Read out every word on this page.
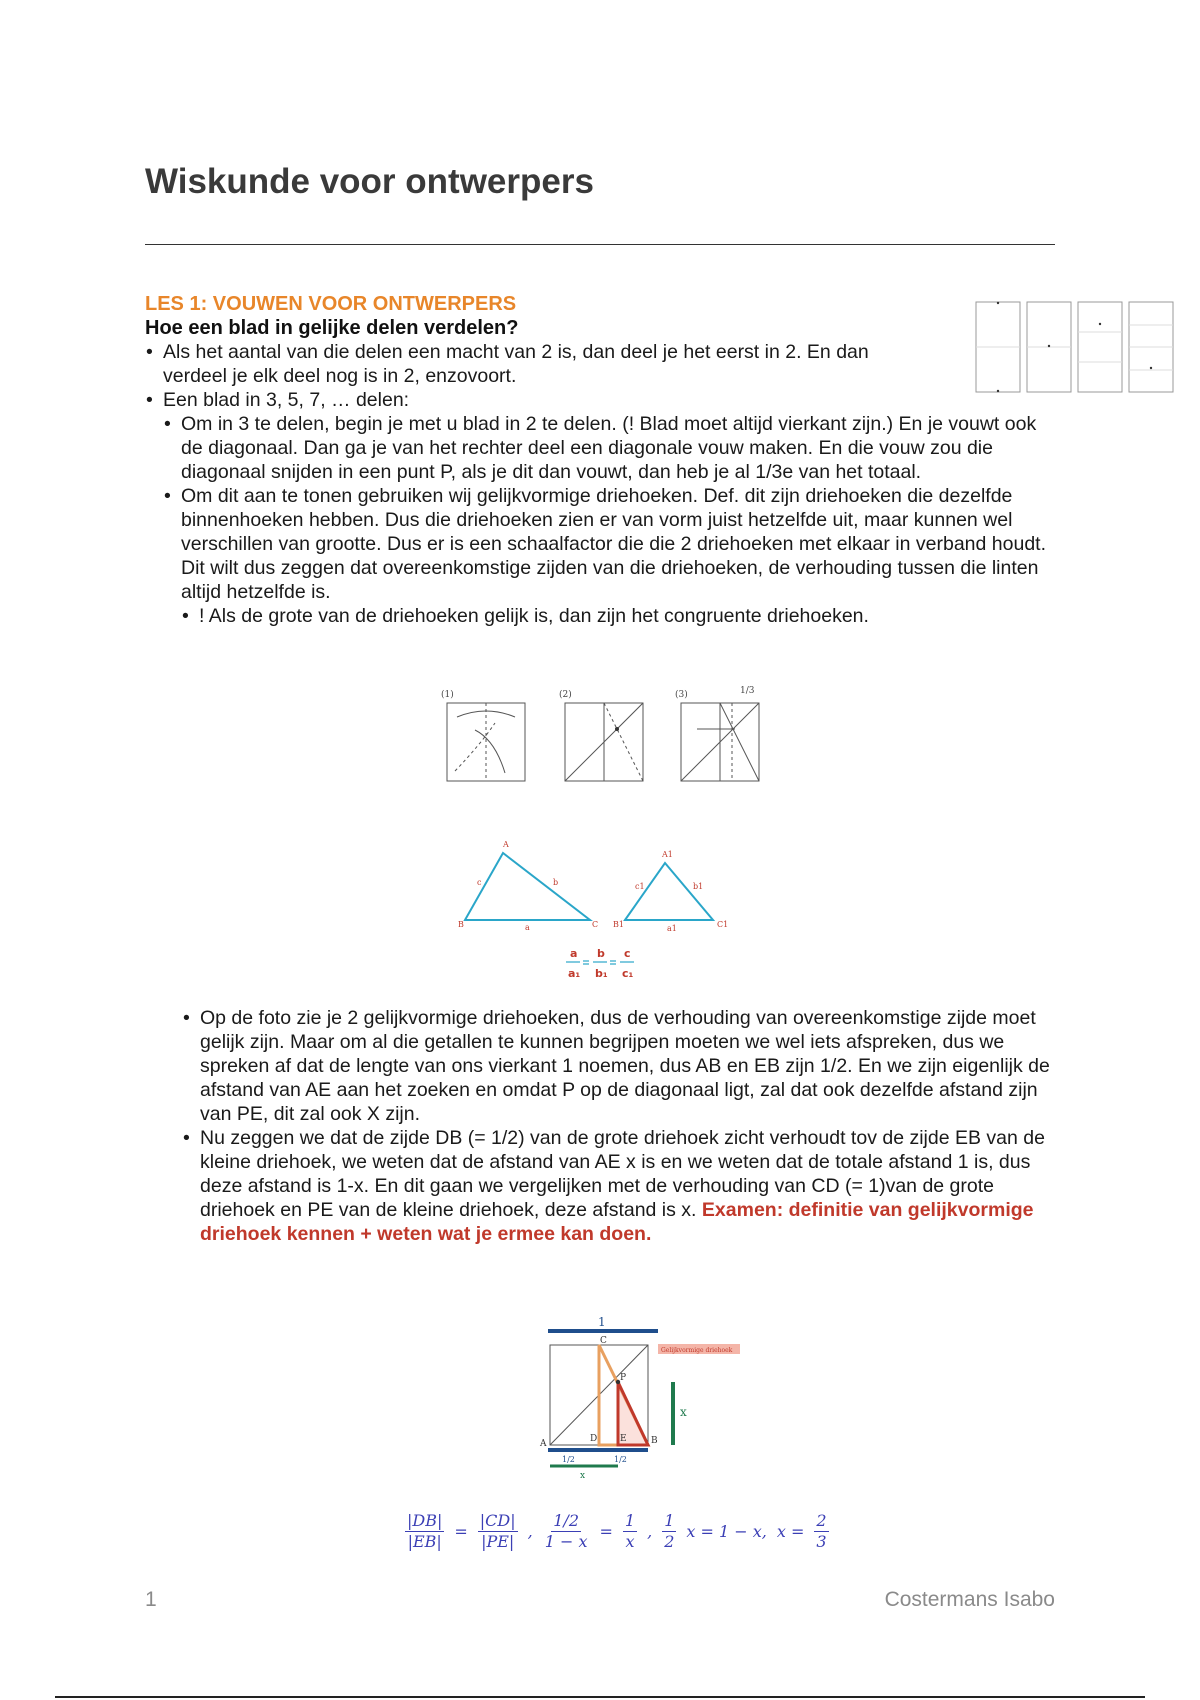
Wiskunde voor ontwerpers
LES 1: VOUWEN VOOR ONTWERPERS
Hoe een blad in gelijke delen verdelen?
• Als het aantal van die delen een macht van 2 is, dan deel je het eerst in 2. En dan verdeel je elk deel nog is in 2, enzovoort.
• Een blad in 3, 5, 7, … delen:
• Om in 3 te delen, begin je met u blad in 2 te delen. (! Blad moet altijd vierkant zijn.) En je vouwt ook de diagonaal. Dan ga je van het rechter deel een diagonale vouw maken. En die vouw zou die diagonaal snijden in een punt P, als je dit dan vouwt, dan heb je al 1/3e van het totaal.
• Om dit aan te tonen gebruiken wij gelijkvormige driehoeken. Def. dit zijn driehoeken die dezelfde binnenhoeken hebben. Dus die driehoeken zien er van vorm juist hetzelfde uit, maar kunnen wel verschillen van grootte. Dus er is een schaalfactor die die 2 driehoeken met elkaar in verband houdt. Dit wilt dus zeggen dat overeenkomstige zijden van die driehoeken, de verhouding tussen die linten altijd hetzelfde is.
• ! Als de grote van de driehoeken gelijk is, dan zijn het congruente driehoeken.
(1)	(2)	(3)	1/3
A
B	C
c	b
a
A1
B1	C1
c1	b1
a1
a
a₁
b
b₁
c
c₁
• Op de foto zie je 2 gelijkvormige driehoeken, dus de verhouding van overeenkomstige zijde moet gelijk zijn. Maar om al die getallen te kunnen begrijpen moeten we wel iets afspreken, dus we spreken af dat de lengte van ons vierkant 1 noemen, dus AB en EB zijn 1/2. En we zijn eigenlijk de afstand van AE aan het zoeken en omdat P op de diagonaal ligt, zal dat ook dezelfde afstand zijn van PE, dit zal ook X zijn.
• Nu zeggen we dat de zijde DB (= 1/2) van de grote driehoek zicht verhoudt tov de zijde EB van de kleine driehoek, we weten dat de afstand van AE x is en we weten dat de totale afstand 1 is, dus deze afstand is 1-x. En dit gaan we vergelijken met de verhouding van CD (= 1)van de grote driehoek en PE van de kleine driehoek, deze afstand is x. Examen: definitie van gelijkvormige driehoek kennen + weten wat je ermee kan doen.
1
Gelijkvormige driehoek
x
A	B
C
D	E
P
1/2	1/2
x
$\frac{|DB|}{|EB|} = \frac{|CD|}{|PE|}$ , $\frac{1/2}{1 - x} = \frac{1}{x}$ , $\frac{1}{2}$ x = 1 − x, $x = \frac{2}{3}$
1	Costermans Isabo
